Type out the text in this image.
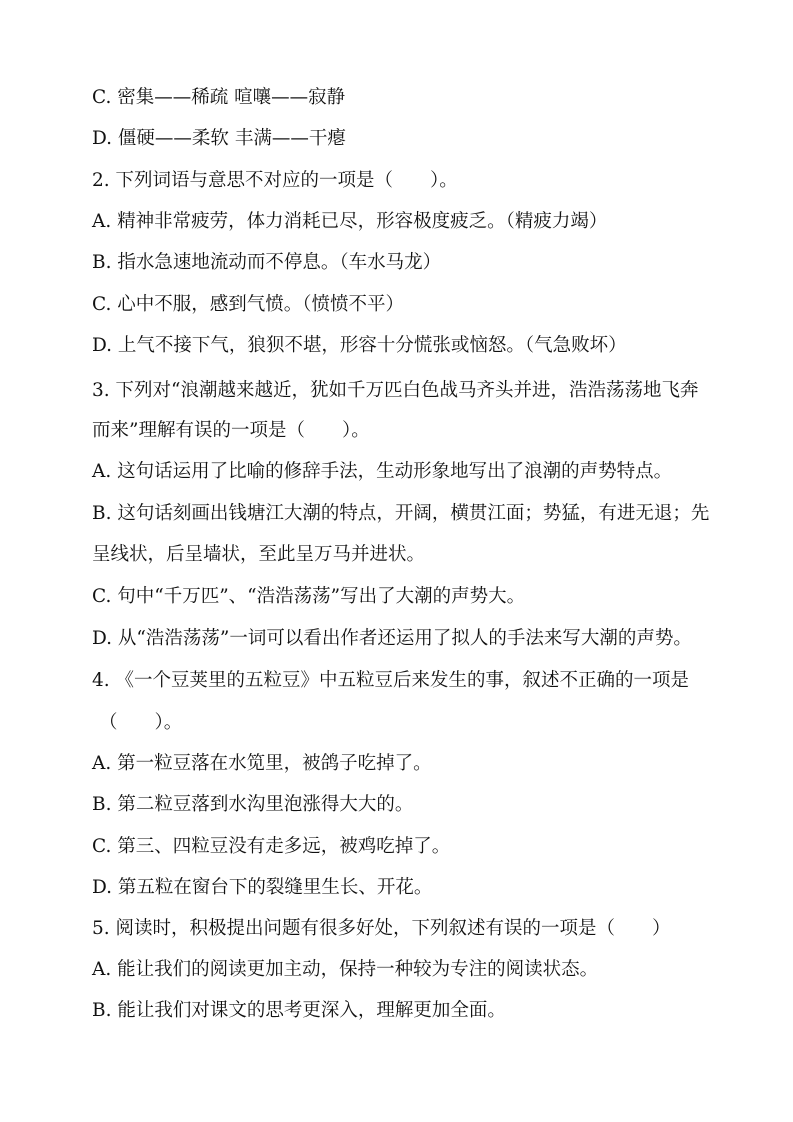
C. 密集——稀疏 喧嚷——寂静
D. 僵硬——柔软 丰满——干瘪
2. 下列词语与意思不对应的一项是（　　）。
A. 精神非常疲劳，体力消耗已尽，形容极度疲乏。（精疲力竭）
B. 指水急速地流动而不停息。（车水马龙）
C. 心中不服，感到气愤。（愤愤不平）
D. 上气不接下气，狼狈不堪，形容十分慌张或恼怒。（气急败坏）
3. 下列对“浪潮越来越近，犹如千万匹白色战马齐头并进，浩浩荡荡地飞奔
而来”理解有误的一项是（　　）。
A. 这句话运用了比喻的修辞手法，生动形象地写出了浪潮的声势特点。
B. 这句话刻画出钱塘江大潮的特点，开阔，横贯江面；势猛，有进无退；先
呈线状，后呈墙状，至此呈万马并进状。
C. 句中“千万匹”、“浩浩荡荡”写出了大潮的声势大。
D. 从“浩浩荡荡”一词可以看出作者还运用了拟人的手法来写大潮的声势。
4. 《一个豆荚里的五粒豆》中五粒豆后来发生的事，叙述不正确的一项是
（　　）。
A. 第一粒豆落在水笕里，被鸽子吃掉了。
B. 第二粒豆落到水沟里泡涨得大大的。
C. 第三、四粒豆没有走多远，被鸡吃掉了。
D. 第五粒在窗台下的裂缝里生长、开花。
5. 阅读时，积极提出问题有很多好处，下列叙述有误的一项是（　　）
A. 能让我们的阅读更加主动，保持一种较为专注的阅读状态。
B. 能让我们对课文的思考更深入，理解更加全面。
